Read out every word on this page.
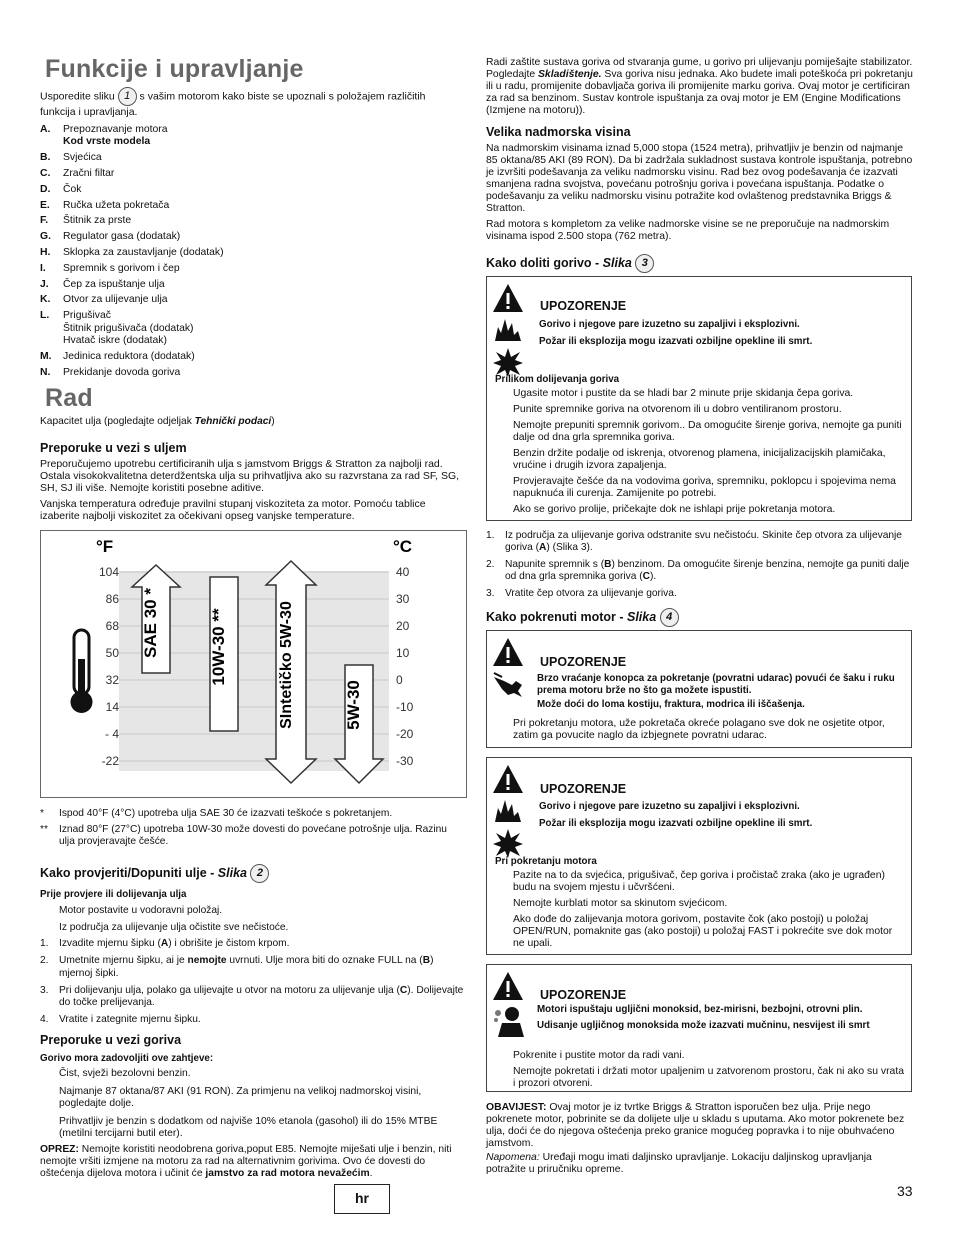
Funkcije i upravljanje
Usporedite sliku 1 s vašim motorom kako biste se upoznali s položajem različitih funkcija i upravljanja.
A.	Prepoznavanje motora
Kod vrste modela
B.	Svjećica
C.	Zračni filtar
D.	Čok
E.	Ručka užeta pokretača
F.	Štitnik za prste
G.	Regulator gasa (dodatak)
H.	Sklopka za zaustavljanje (dodatak)
I.	Spremnik s gorivom i čep
J.	Čep za ispuštanje ulja
K.	Otvor za ulijevanje ulja
L.	Prigušivač
Štitnik prigušivača (dodatak)
Hvatač iskre (dodatak)
M.	Jedinica reduktora (dodatak)
N.	Prekidanje dovoda goriva
Rad

Kapacitet ulja (pogledajte odjeljak Tehnički podaci)

Preporuke u vezi s uljem

Preporučujemo upotrebu certificiranih ulja s jamstvom Briggs & Stratton za najbolji rad. Ostala visokokvalitetna deterdžentska ulja su prihvatljiva ako su razvrstana za rad SF, SG, SH, SJ ili više. Nemojte koristiti posebne aditive.

Vanjska temperatura određuje pravilni stupanj viskoziteta za motor. Pomoću tablice izaberite najbolji viskozitet za očekivani opseg vanjske temperature.

°F	°C
104
86
68
50
32
14
- 4
-22
40
30
20
10
0
-10
-20
-30
SAE 30 *	10W-30 **	SIntetičko 5W-30	5W-30
*	Ispod 40°F (4°C) upotreba ulja SAE 30 će izazvati teškoće s pokretanjem.
**	Iznad 80°F (27°C) upotreba 10W-30 može dovesti do povećane potrošnje ulja. Razinu ulja provjeravajte češće.
Kako provjeriti/Dopuniti ulje - Slika 2

Prije provjere ili dolijevanja ulja

Motor postavite u vodoravni položaj.

Iz područja za ulijevanje ulja očistite sve nečistoće.

1.	Izvadite mjernu šipku (A) i obrišite je čistom krpom.
2.	Umetnite mjernu šipku, ai je nemojte uvrnuti. Ulje mora biti do oznake FULL na (B) mjernoj šipki.
3.	Pri dolijevanju ulja, polako ga ulijevajte u otvor na motoru za ulijevanje ulja (C). Dolijevajte do točke prelijevanja.
4.	Vratite i zategnite mjernu šipku.
Preporuke u vezi goriva

Gorivo mora zadovoljiti ove zahtjeve:

Čist, svježi bezolovni benzin.

Najmanje 87 oktana/87 AKI (91 RON). Za primjenu na velikoj nadmorskoj visini, pogledajte dolje.

Prihvatljiv je benzin s dodatkom od najviše 10% etanola (gasohol) ili do 15% MTBE (metilni tercijarni butil eter).

OPREZ: Nemojte koristiti neodobrena goriva,poput E85. Nemojte miješati ulje i benzin, niti nemojte vršiti izmjene na motoru za rad na alternativnim gorivima. Ovo će dovesti do oštećenja dijelova motora i učinit će jamstvo za rad motora nevažećim.

Radi zaštite sustava goriva od stvaranja gume, u gorivo pri ulijevanju pomiješajte stabilizator. Pogledajte Skladištenje. Sva goriva nisu jednaka. Ako budete imali poteškoća pri pokretanju ili u radu, promijenite dobavljača goriva ili promijenite marku goriva. Ovaj motor je certificiran za rad sa benzinom. Sustav kontrole ispuštanja za ovaj motor je EM (Engine Modifications (Izmjene na motoru)).

Velika nadmorska visina

Na nadmorskim visinama iznad 5,000 stopa (1524 metra), prihvatljiv je benzin od najmanje 85 oktana/85 AKI (89 RON). Da bi zadržala sukladnost sustava kontrole ispuštanja, potrebno je izvršiti podešavanja za veliku nadmorsku visinu. Rad bez ovog podešavanja će izazvati smanjena radna svojstva, povećanu potrošnju goriva i povećana ispuštanja. Podatke o podešavanju za veliku nadmorsku visinu potražite kod ovlaštenog predstavnika Briggs & Stratton.

Rad motora s kompletom za velike nadmorske visine se ne preporučuje na nadmorskim visinama ispod 2.500 stopa (762 metra).

Kako doliti gorivo - Slika 3
UPOZORENJE
Gorivo i njegove pare izuzetno su zapaljivi i eksplozivni.
Požar ili eksplozija mogu izazvati ozbiljne opekline ili smrt.
Prilikom dolijevanja goriva

Ugasite motor i pustite da se hladi bar 2 minute prije skidanja čepa goriva.

Punite spremnike goriva na otvorenom ili u dobro ventiliranom prostoru.

Nemojte prepuniti spremnik gorivom.. Da omogućite širenje goriva, nemojte ga puniti dalje od dna grla spremnika goriva.

Benzin držite podalje od iskrenja, otvorenog plamena, inicijalizacijskih plamičaka, vrućine i drugih izvora zapaljenja.

Provjeravajte češće da na vodovima goriva, spremniku, poklopcu i spojevima nema napuknuća ili curenja. Zamijenite po potrebi.

Ako se gorivo prolije, pričekajte dok ne ishlapi prije pokretanja motora.

1.	Iz područja za ulijevanje goriva odstranite svu nečistoću. Skinite čep otvora za ulijevanje goriva (A) (Slika 3).
2.	Napunite spremnik s (B) benzinom. Da omogućite širenje benzina, nemojte ga puniti dalje od dna grla spremnika goriva (C).
3.	Vratite čep otvora za ulijevanje goriva.
Kako pokrenuti motor - Slika 4
UPOZORENJE
Brzo vraćanje konopca za pokretanje (povratni udarac) povući će šaku i ruku prema motoru brže no što ga možete ispustiti.
Može doći do loma kostiju, fraktura, modrica ili iščašenja.
Pri pokretanju motora, uže pokretača okreće polagano sve dok ne osjetite otpor, zatim ga povucite naglo da izbjegnete povratni udarac.
UPOZORENJE
Gorivo i njegove pare izuzetno su zapaljivi i eksplozivni.
Požar ili eksplozija mogu izazvati ozbiljne opekline ili smrt.
Pri pokretanju motora

Pazite na to da svjećica, prigušivač, čep goriva i pročistač zraka (ako je ugrađen) budu na svojem mjestu i učvršćeni.

Nemojte kurblati motor sa skinutom svjećicom.

Ako dođe do zalijevanja motora gorivom, postavite čok (ako postoji) u položaj OPEN/RUN, pomaknite gas (ako postoji) u položaj FAST i pokrećite sve dok motor ne upali.

UPOZORENJE
Motori ispuštaju ugljični monoksid, bez-mirisni, bezbojni, otrovni plin.
Udisanje ugljičnog monoksida može izazvati mučninu, nesvijest ili smrt

Pokrenite i pustite motor da radi vani.

Nemojte pokretati i držati motor upaljenim u zatvorenom prostoru, čak ni ako su vrata i prozori otvoreni.

OBAVIJEST: Ovaj motor je iz tvrtke Briggs & Stratton isporučen bez ulja. Prije nego pokrenete motor, pobrinite se da dolijete ulje u skladu s uputama. Ako motor pokrenete bez ulja, doći će do njegova oštećenja preko granice mogućeg popravka i to nije obuhvaćeno jamstvom.

Napomena: Uređaji mogu imati daljinsko upravljanje. Lokaciju daljinskog upravljanja potražite u priručniku opreme.

hr	33
